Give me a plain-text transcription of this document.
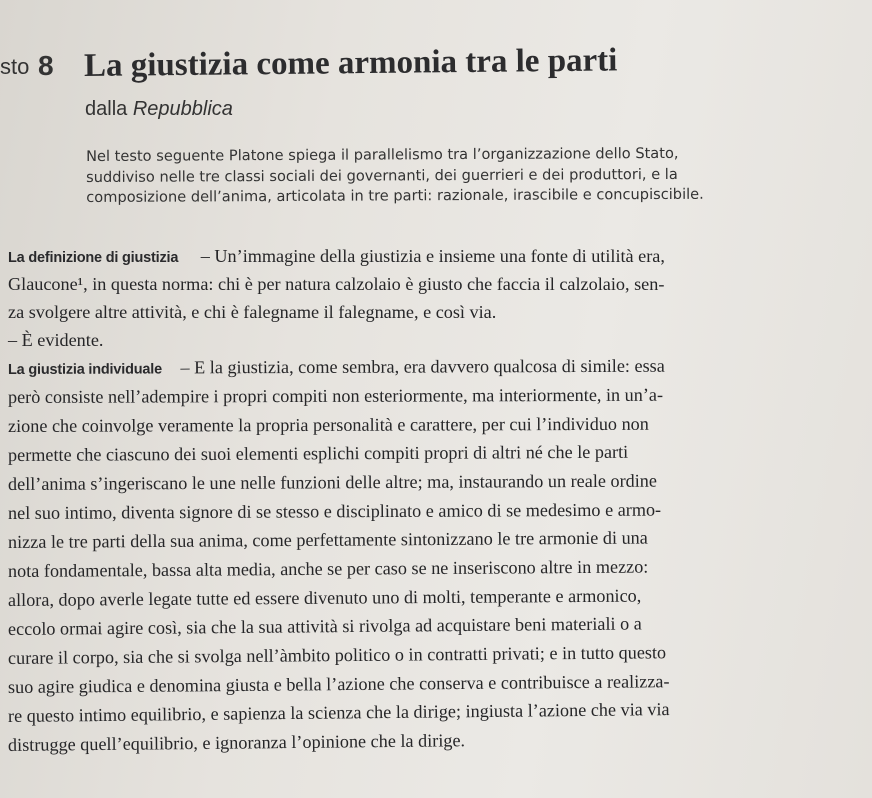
sto 8 La giustizia come armonia tra le parti
dalla Repubblica
Nel testo seguente Platone spiega il parallelismo tra l’organizzazione dello Stato,
suddiviso nelle tre classi sociali dei governanti, dei guerrieri e dei produttori, e la
composizione dell’anima, articolata in tre parti: razionale, irascibile e concupiscibile.
La definizione di giustizia – Un’immagine della giustizia e insieme una fonte di utilità era,
Glaucone¹, in questa norma: chi è per natura calzolaio è giusto che faccia il calzolaio, sen-
za svolgere altre attività, e chi è falegname il falegname, e così via.
– È evidente.
La giustizia individuale – E la giustizia, come sembra, era davvero qualcosa di simile: essa
però consiste nell’adempire i propri compiti non esteriormente, ma interiormente, in un’a-
zione che coinvolge veramente la propria personalità e carattere, per cui l’individuo non
permette che ciascuno dei suoi elementi esplichi compiti propri di altri né che le parti
dell’anima s’ingeriscano le une nelle funzioni delle altre; ma, instaurando un reale ordine
nel suo intimo, diventa signore di se stesso e disciplinato e amico di se medesimo e armo-
nizza le tre parti della sua anima, come perfettamente sintonizzano le tre armonie di una
nota fondamentale, bassa alta media, anche se per caso se ne inseriscono altre in mezzo:
allora, dopo averle legate tutte ed essere divenuto uno di molti, temperante e armonico,
eccolo ormai agire così, sia che la sua attività si rivolga ad acquistare beni materiali o a
curare il corpo, sia che si svolga nell’àmbito politico o in contratti privati; e in tutto questo
suo agire giudica e denomina giusta e bella l’azione che conserva e contribuisce a realizza-
re questo intimo equilibrio, e sapienza la scienza che la dirige; ingiusta l’azione che via via
distrugge quell’equilibrio, e ignoranza l’opinione che la dirige.
